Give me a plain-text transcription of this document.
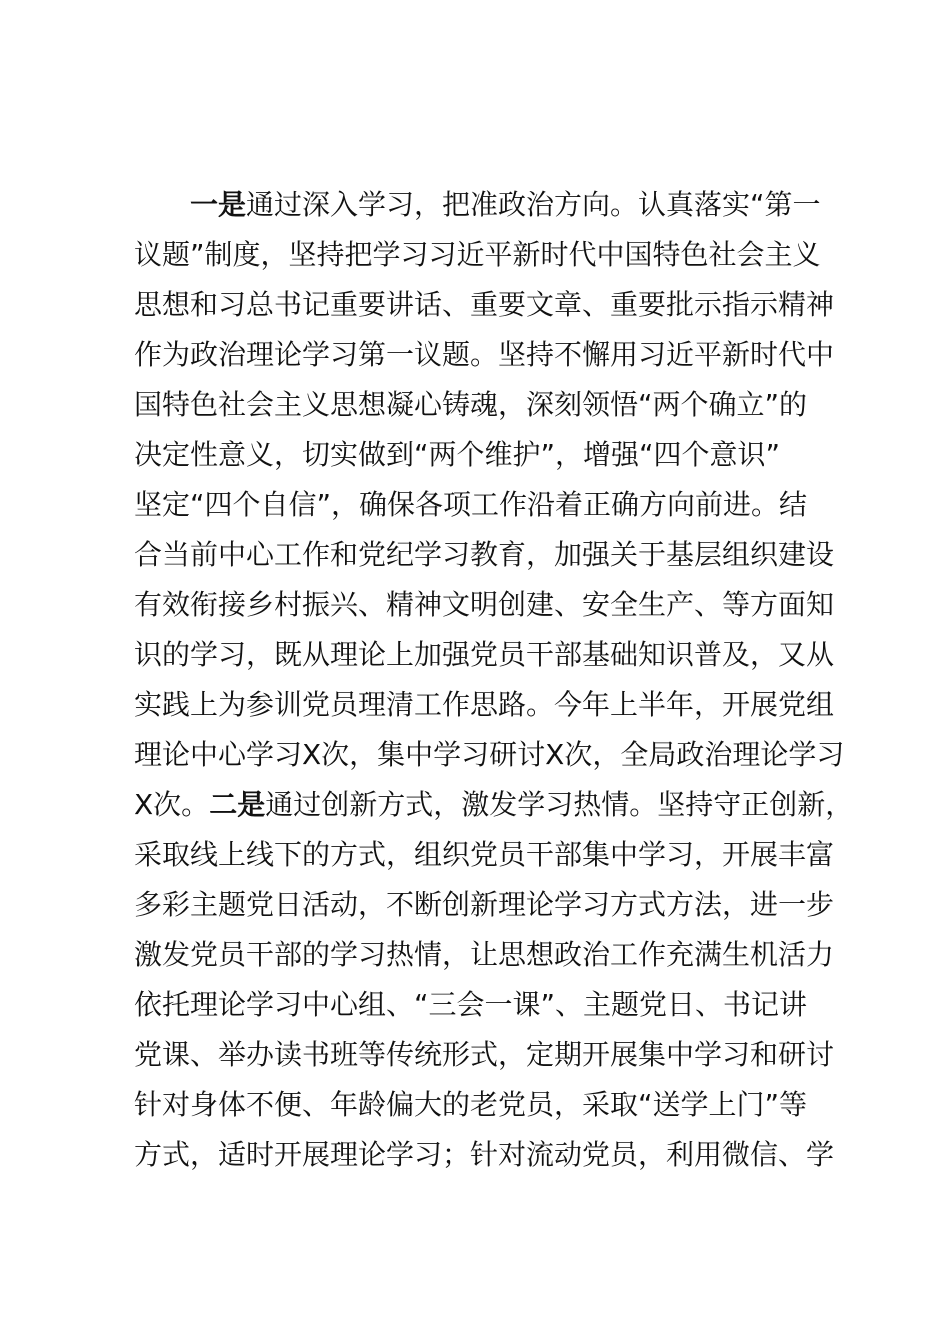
一是通过深入学习，把准政治方向。认真落实“第一
议题”制度，坚持把学习习近平新时代中国特色社会主义
思想和习总书记重要讲话、重要文章、重要批示指示精神
作为政治理论学习第一议题。坚持不懈用习近平新时代中
国特色社会主义思想凝心铸魂，深刻领悟“两个确立”的
决定性意义，切实做到“两个维护”，增强“四个意识”
坚定“四个自信”，确保各项工作沿着正确方向前进。结
合当前中心工作和党纪学习教育，加强关于基层组织建设
有效衔接乡村振兴、精神文明创建、安全生产、等方面知
识的学习，既从理论上加强党员干部基础知识普及，又从
实践上为参训党员理清工作思路。今年上半年，开展党组
理论中心学习X次，集中学习研讨X次，全局政治理论学习
X次。二是通过创新方式，激发学习热情。坚持守正创新，
采取线上线下的方式，组织党员干部集中学习，开展丰富
多彩主题党日活动，不断创新理论学习方式方法，进一步
激发党员干部的学习热情，让思想政治工作充满生机活力
依托理论学习中心组、“三会一课”、主题党日、书记讲
党课、举办读书班等传统形式，定期开展集中学习和研讨
针对身体不便、年龄偏大的老党员，采取“送学上门”等
方式，适时开展理论学习；针对流动党员，利用微信、学
